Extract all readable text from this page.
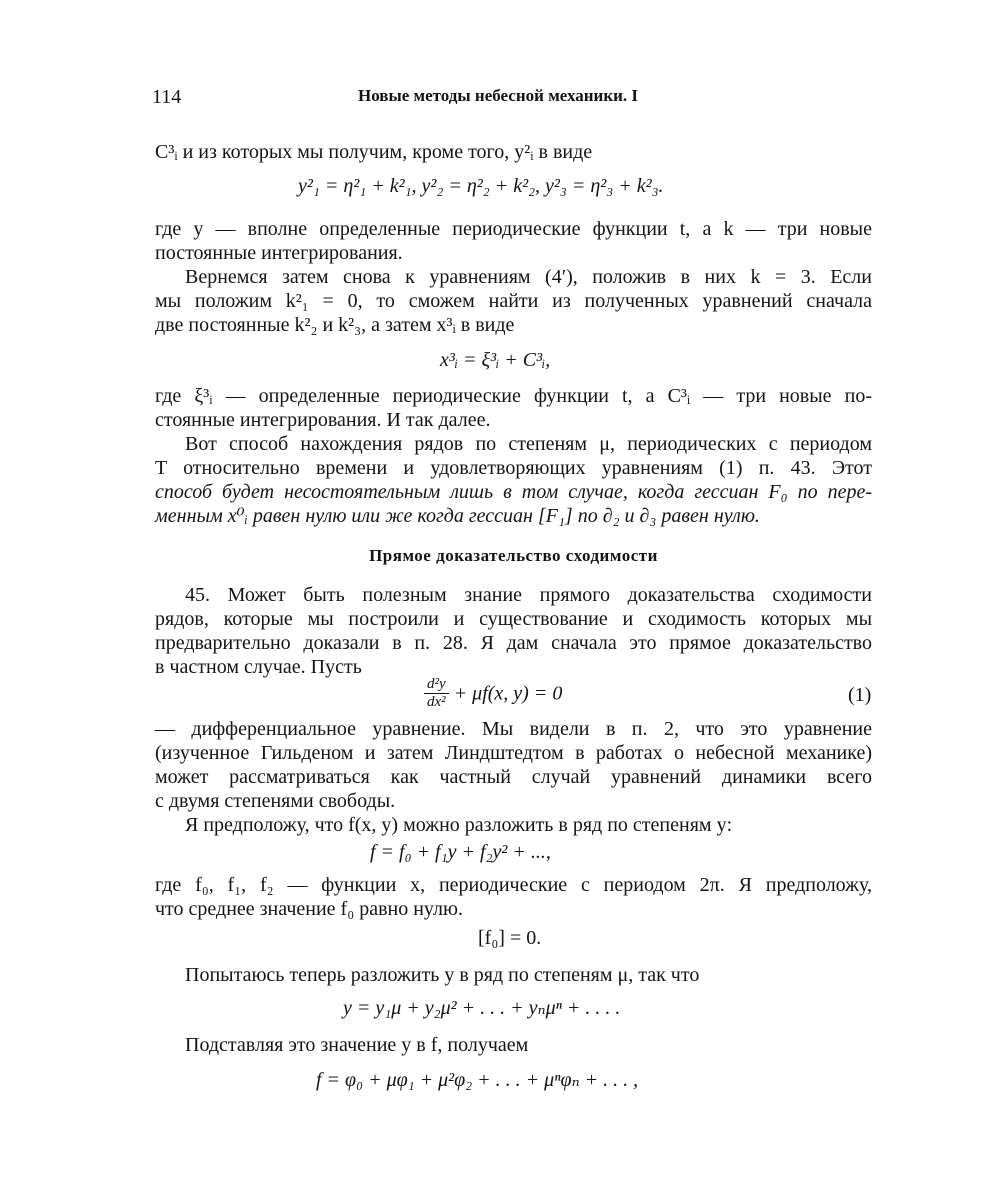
114	Новые методы небесной механики. I
C³ᵢ и из которых мы получим, кроме того, y²ᵢ в виде
y²₁ = η²₁ + k²₁, y²₂ = η²₂ + k²₂, y²₃ = η²₃ + k²₃.
где y — вполне определенные периодические функции t, а k — три новые
постоянные интегрирования.
Вернемся затем снова к уравнениям (4′), положив в них k = 3. Если
мы положим k²₁ = 0, то сможем найти из полученных уравнений сначала
две постоянные k²₂ и k²₃, а затем x³ᵢ в виде
x³ᵢ = ξ³ᵢ + C³ᵢ,
где ξ³ᵢ — определенные периодические функции t, а C³ᵢ — три новые по-
стоянные интегрирования. И так далее.
Вот способ нахождения рядов по степеням μ, периодических с периодом
T относительно времени и удовлетворяющих уравнениям (1) п. 43. Этот
способ будет несостоятельным лишь в том случае, когда гессиан F₀ по пере-
менным x⁰ᵢ равен нулю или же когда гессиан [F₁] по ∂₂ и ∂₃ равен нулю.
Прямое доказательство сходимости
45. Может быть полезным знание прямого доказательства сходимости
рядов, которые мы построили и существование и сходимость которых мы
предварительно доказали в п. 28. Я дам сначала это прямое доказательство
в частном случае. Пусть
$\frac{\text{d²y}}{\text{dx²}} + \mu f(x$, y) = 0	(1)
— дифференциальное уравнение. Мы видели в п. 2, что это уравнение
(изученное Гильденом и затем Линдштедтом в работах о небесной механике)
может рассматриваться как частный случай уравнений динамики всего
с двумя степенями свободы.
Я предположу, что f(x, y) можно разложить в ряд по степеням y:
f = f₀ + f₁y + f₂y² + ...,
где f₀, f₁, f₂ — функции x, периодические с периодом 2π. Я предположу,
что среднее значение f₀ равно нулю.
[f₀] = 0.
Попытаюсь теперь разложить y в ряд по степеням μ, так что
y = y₁μ + y₂μ² + . . . + yₙμⁿ + . . . .
Подставляя это значение y в f, получаем
f = φ₀ + μφ₁ + μ²φ₂ + . . . + μⁿφₙ + . . . ,
